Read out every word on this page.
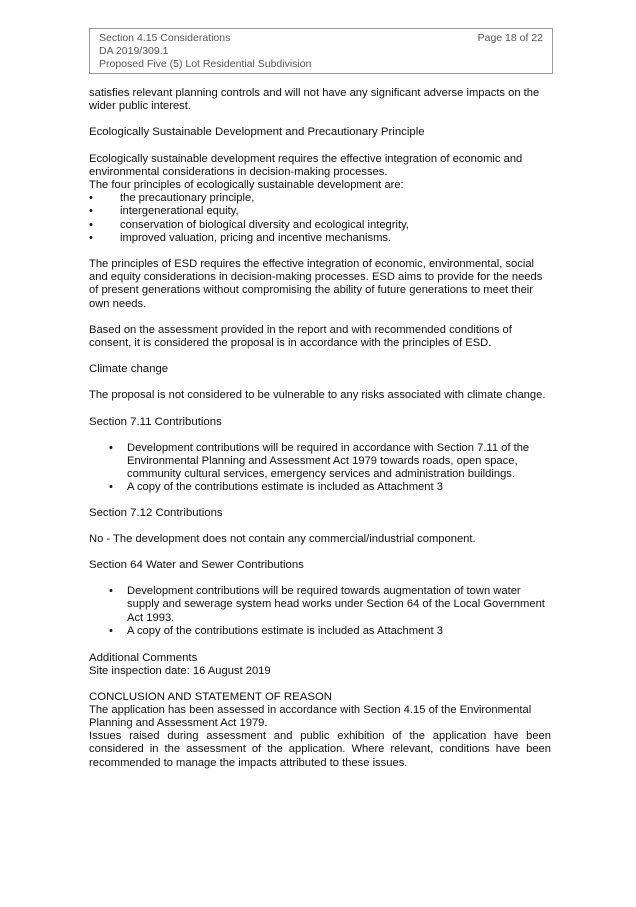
Section 4.15 Considerations	Page 18 of 22
DA 2019/309.1
Proposed Five (5) Lot Residential Subdivision

satisfies relevant planning controls and will not have any significant adverse impacts on the wider public interest.

Ecologically Sustainable Development and Precautionary Principle

Ecologically sustainable development requires the effective integration of economic and environmental considerations in decision-making processes.

The four principles of ecologically sustainable development are:

• the precautionary principle,
• intergenerational equity,
• conservation of biological diversity and ecological integrity,
• improved valuation, pricing and incentive mechanisms.

The principles of ESD requires the effective integration of economic, environmental, social and equity considerations in decision-making processes. ESD aims to provide for the needs of present generations without compromising the ability of future generations to meet their own needs.

Based on the assessment provided in the report and with recommended conditions of consent, it is considered the proposal is in accordance with the principles of ESD.

Climate change

The proposal is not considered to be vulnerable to any risks associated with climate change.

Section 7.11 Contributions

• Development contributions will be required in accordance with Section 7.11 of the Environmental Planning and Assessment Act 1979 towards roads, open space, community cultural services, emergency services and administration buildings.
• A copy of the contributions estimate is included as Attachment 3

Section 7.12 Contributions

No - The development does not contain any commercial/industrial component.

Section 64 Water and Sewer Contributions

• Development contributions will be required towards augmentation of town water supply and sewerage system head works under Section 64 of the Local Government Act 1993.
• A copy of the contributions estimate is included as Attachment 3

Additional Comments

Site inspection date: 16 August 2019

CONCLUSION AND STATEMENT OF REASON

The application has been assessed in accordance with Section 4.15 of the Environmental Planning and Assessment Act 1979.

Issues raised during assessment and public exhibition of the application have been considered in the assessment of the application. Where relevant, conditions have been recommended to manage the impacts attributed to these issues.
